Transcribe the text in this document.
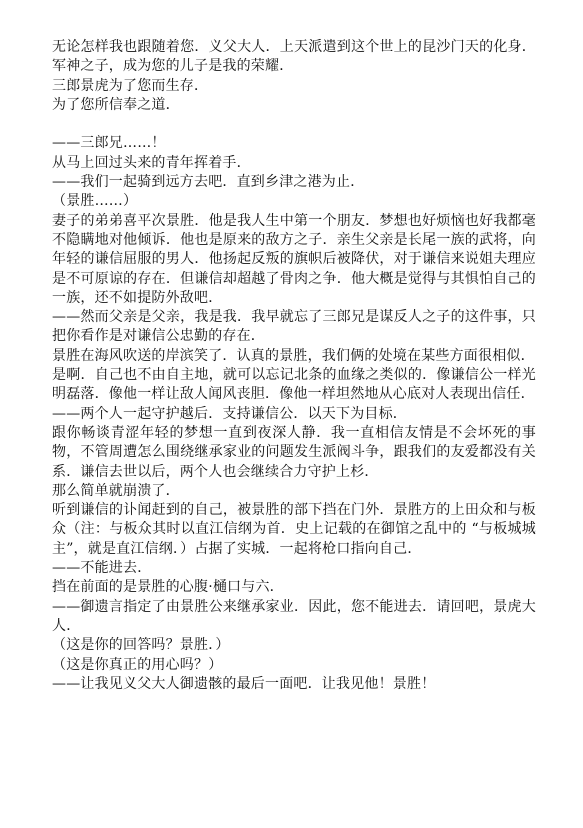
无论怎样我也跟随着您．义父大人．上天派遣到这个世上的昆沙门天的化身．军神之子，成为您的儿子是我的荣耀．

三郎景虎为了您而生存．

为了您所信奉之道．

——三郎兄……！

从马上回过头来的青年挥着手．

——我们一起骑到远方去吧．直到乡津之港为止．

（景胜……）

妻子的弟弟喜平次景胜．他是我人生中第一个朋友．梦想也好烦恼也好我都毫不隐瞒地对他倾诉．他也是原来的敌方之子．亲生父亲是长尾一族的武将，向年轻的谦信屈服的男人．他扬起反叛的旗帜后被降伏，对于谦信来说姐夫理应是不可原谅的存在．但谦信却超越了骨肉之争．他大概是觉得与其惧怕自己的一族，还不如提防外敌吧．

——然而父亲是父亲，我是我．我早就忘了三郎兄是谋反人之子的这件事，只把你看作是对谦信公忠勤的存在．

景胜在海风吹送的岸滨笑了．认真的景胜，我们俩的处境在某些方面很相似．

是啊．自己也不由自主地，就可以忘记北条的血缘之类似的．像谦信公一样光明磊落．像他一样让敌人闻风丧胆．像他一样坦然地从心底对人表现出信任．

——两个人一起守护越后．支持谦信公．以天下为目标．

跟你畅谈青涩年轻的梦想一直到夜深人静．我一直相信友情是不会坏死的事物，不管周遭怎么围绕继承家业的问题发生派阀斗争，跟我们的友爱都没有关系．谦信去世以后，两个人也会继续合力守护上杉．

那么简单就崩溃了．

听到谦信的讣闻赶到的自己，被景胜的部下挡在门外．景胜方的上田众和与板众（注：与板众其时以直江信纲为首．史上记载的在御馆之乱中的 “与板城城主”，就是直江信纲．）占据了实城．一起将枪口指向自己．

——不能进去．

挡在前面的是景胜的心腹·樋口与六．

——御遗言指定了由景胜公来继承家业．因此，您不能进去．请回吧，景虎大人．

（这是你的回答吗？景胜．）

（这是你真正的用心吗？）

——让我见义父大人御遗骸的最后一面吧．让我见他！景胜！
